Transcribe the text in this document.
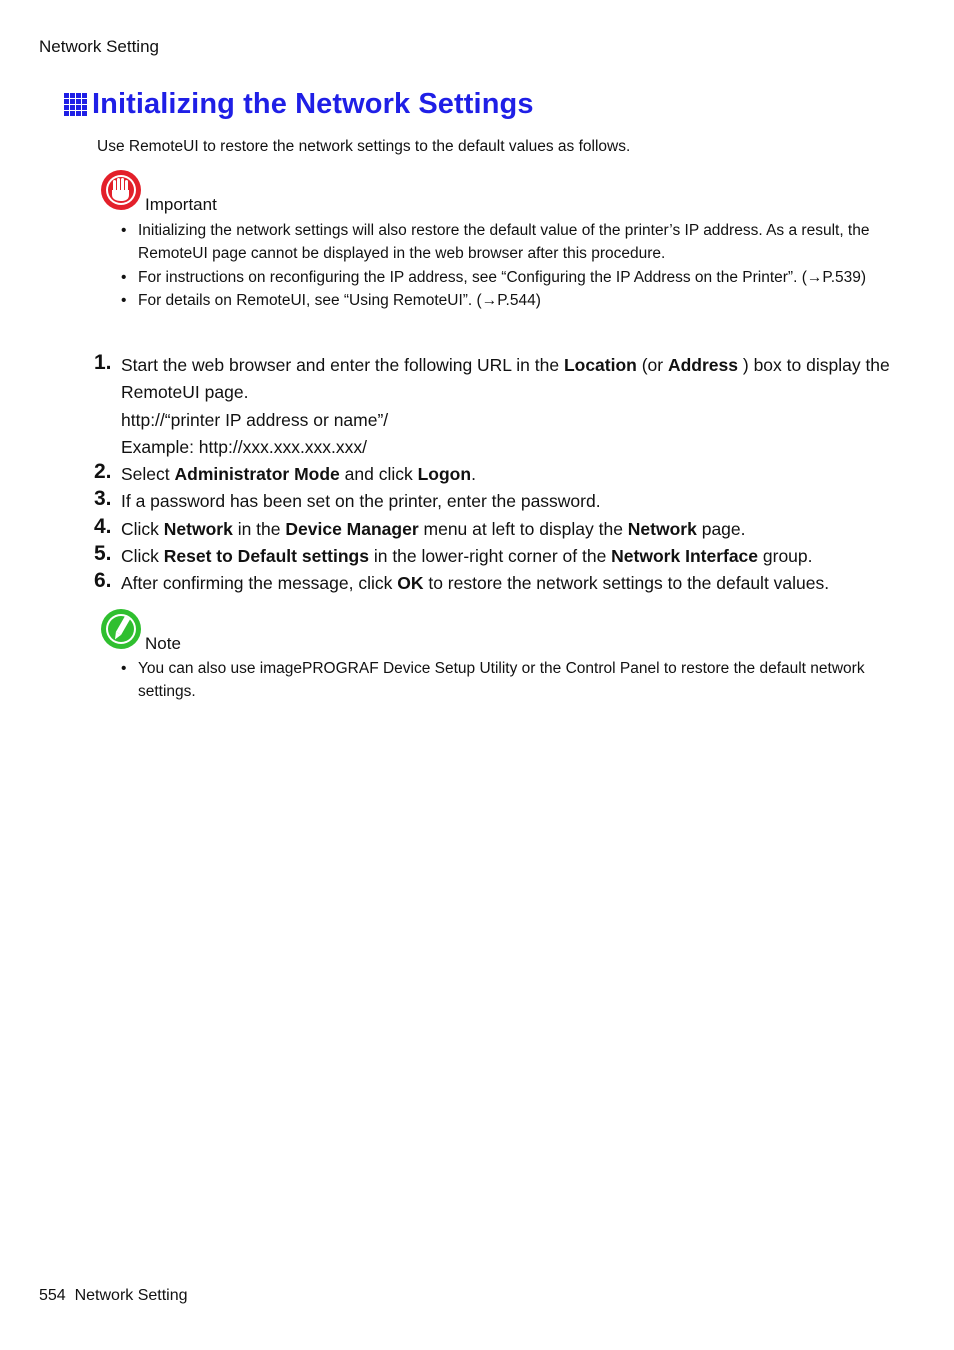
Network Setting
Initializing the Network Settings
Use RemoteUI to restore the network settings to the default values as follows.
Important
• Initializing the network settings will also restore the default value of the printer’s IP address. As a result, the RemoteUI page cannot be displayed in the web browser after this procedure.
• For instructions on reconfiguring the IP address, see “Configuring the IP Address on the Printer”. (→P.539)
• For details on RemoteUI, see “Using RemoteUI”. (→P.544)
1. Start the web browser and enter the following URL in the Location (or Address ) box to display the RemoteUI page.
http://“printer IP address or name”/
Example: http://xxx.xxx.xxx.xxx/
2. Select Administrator Mode and click Logon.
3. If a password has been set on the printer, enter the password.
4. Click Network in the Device Manager menu at left to display the Network page.
5. Click Reset to Default settings in the lower-right corner of the Network Interface group.
6. After confirming the message, click OK to restore the network settings to the default values.
Note
• You can also use imagePROGRAF Device Setup Utility or the Control Panel to restore the default network settings.
554 Network Setting
